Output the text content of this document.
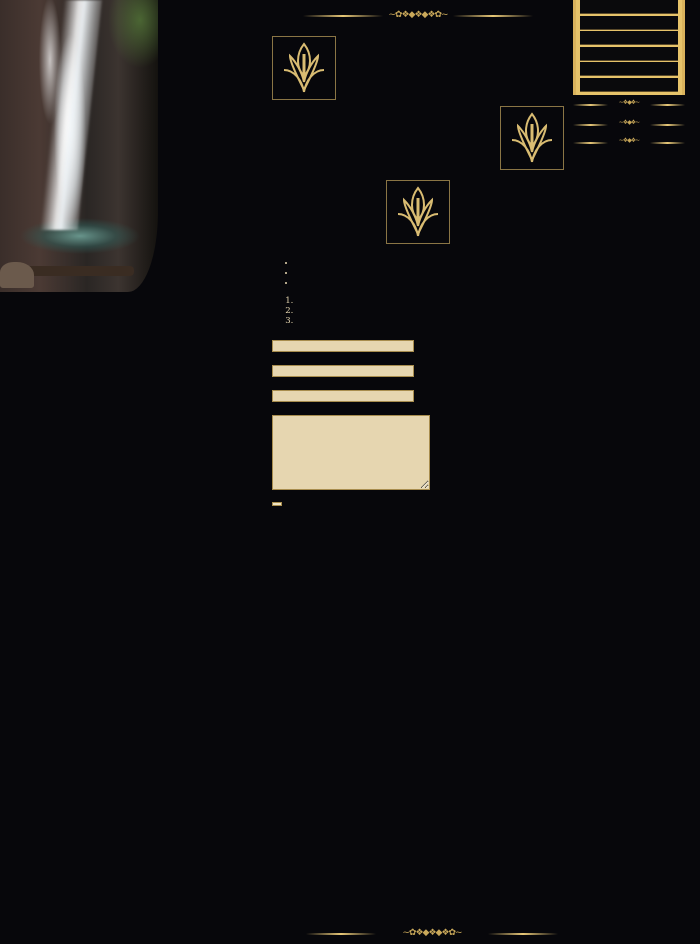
~✿❖◆❖◆❖✿~

•
•
•
1.
2.
3.

~✿❖◆❖◆❖✿~
~❖◆❖~

~❖◆❖~

~❖◆❖~
